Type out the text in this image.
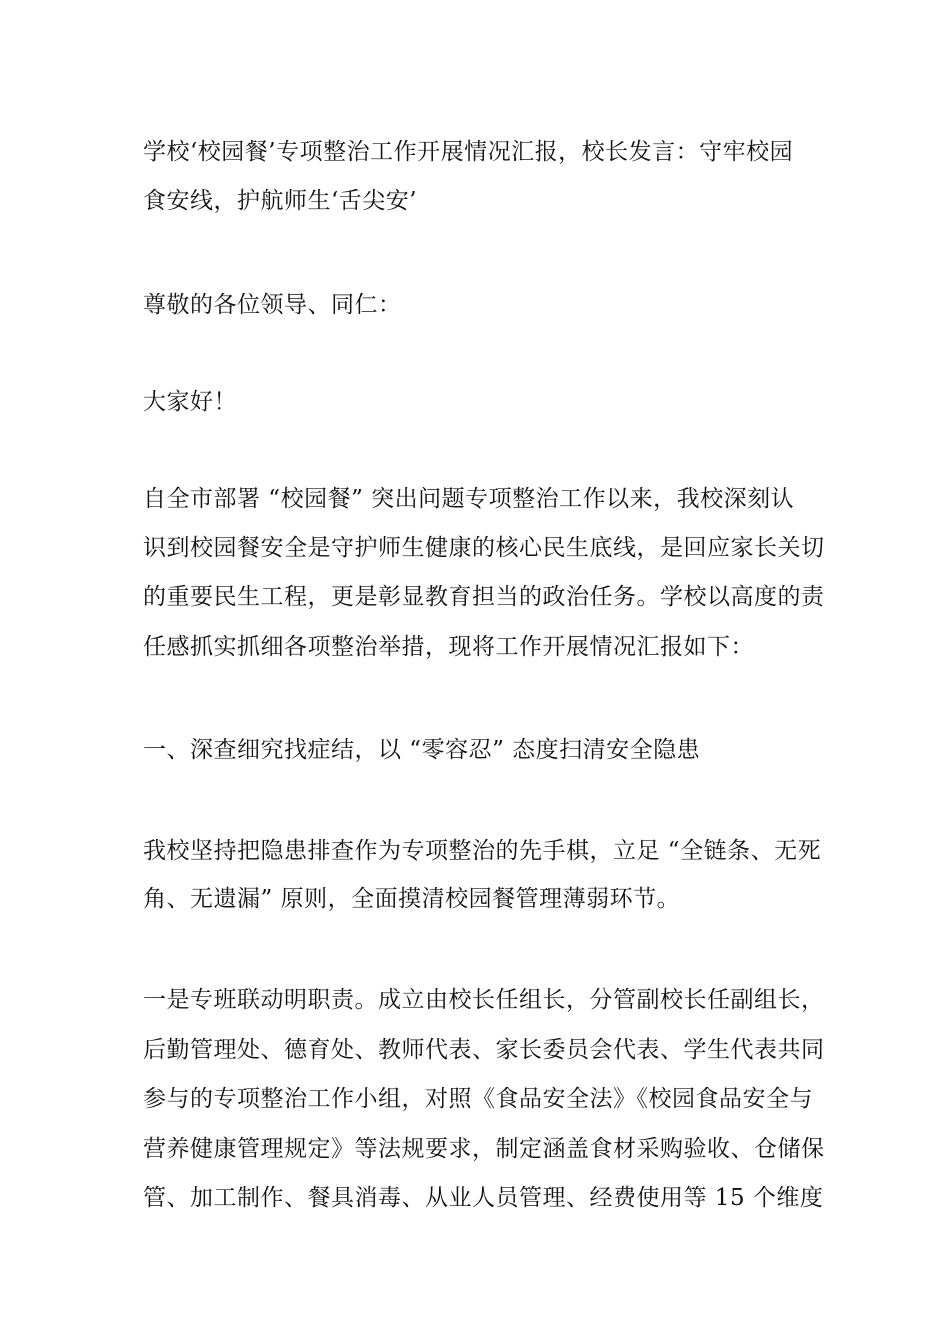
学校‘校园餐’专项整治工作开展情况汇报，校长发言：守牢校园

食安线，护航师生‘舌尖安’

尊敬的各位领导、同仁：

大家好！

自全市部署 “校园餐” 突出问题专项整治工作以来，我校深刻认

识到校园餐安全是守护师生健康的核心民生底线，是回应家长关切

的重要民生工程，更是彰显教育担当的政治任务。学校以高度的责

任感抓实抓细各项整治举措，现将工作开展情况汇报如下：

一、深查细究找症结，以 “零容忍” 态度扫清安全隐患

我校坚持把隐患排查作为专项整治的先手棋，立足 “全链条、无死

角、无遗漏” 原则，全面摸清校园餐管理薄弱环节。

一是专班联动明职责。成立由校长任组长，分管副校长任副组长，

后勤管理处、德育处、教师代表、家长委员会代表、学生代表共同

参与的专项整治工作小组，对照《食品安全法》《校园食品安全与

营养健康管理规定》等法规要求，制定涵盖食材采购验收、仓储保

管、加工制作、餐具消毒、从业人员管理、经费使用等 15 个维度
